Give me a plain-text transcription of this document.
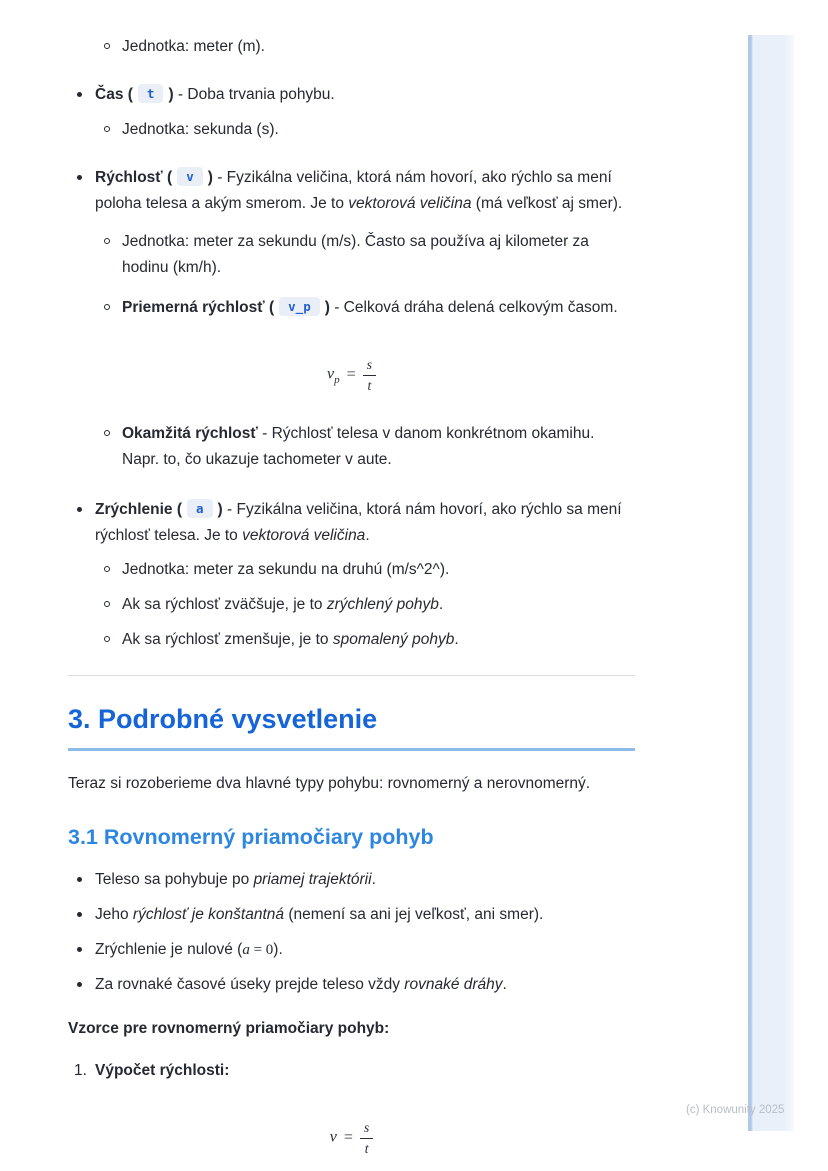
Jednotka: meter (m).
Čas ( t ) - Doba trvania pohybu.
Jednotka: sekunda (s).
Rýchlosť ( v ) - Fyzikálna veličina, ktorá nám hovorí, ako rýchlo sa mení poloha telesa a akým smerom. Je to vektorová veličina (má veľkosť aj smer).
Jednotka: meter za sekundu (m/s). Často sa používa aj kilometer za hodinu (km/h).
Priemerná rýchlosť ( v_p ) - Celková dráha delená celkovým časom.
$v_p = \frac{s}{t}$
Okamžitá rýchlosť - Rýchlosť telesa v danom konkrétnom okamihu. Napr. to, čo ukazuje tachometer v aute.
Zrýchlenie ( a ) - Fyzikálna veličina, ktorá nám hovorí, ako rýchlo sa mení rýchlosť telesa. Je to vektorová veličina.
Jednotka: meter za sekundu na druhú (m/s^2^).
Ak sa rýchlosť zväčšuje, je to zrýchlený pohyb.
Ak sa rýchlosť zmenšuje, je to spomalený pohyb.
3. Podrobné vysvetlenie
Teraz si rozoberieme dva hlavné typy pohybu: rovnomerný a nerovnomerný.
3.1 Rovnomerný priamočiary pohyb
Teleso sa pohybuje po priamej trajektórii.
Jeho rýchlosť je konštantná (nemení sa ani jej veľkosť, ani smer).
Zrýchlenie je nulové (a = 0).
Za rovnaké časové úseky prejde teleso vždy rovnaké dráhy.
Vzorce pre rovnomerný priamočiary pohyb:
1. Výpočet rýchlosti:
$v = \frac{s}{t}$
(c) Knowunity 2025
